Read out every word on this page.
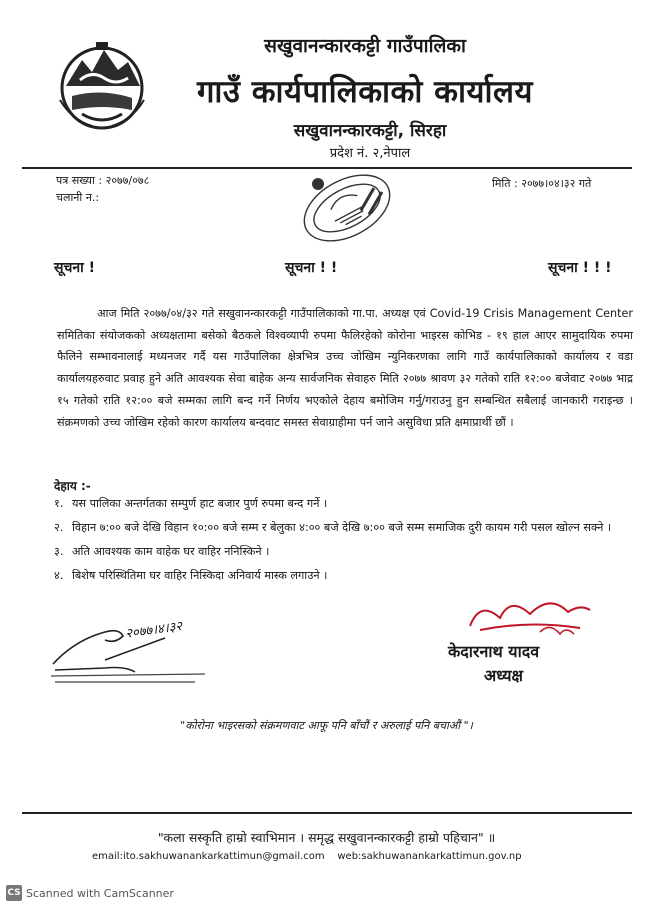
सखुवानन्कारकट्टी गाउँपालिका
गाउँ कार्यपालिकाको कार्यालय
सखुवानन्कारकट्टी, सिरहा
प्रदेश नं. २,नेपाल
पत्र सख्या : २०७७/०७८
चलानी न.:
मिति : २०७७।०४।३२ गते
सूचना !	सूचना ! !	सूचना ! ! !

आज मिति २०७७/०४/३२ गते सखुवानन्कारकट्टी गाउँपालिकाको गा.पा. अध्यक्ष एवं Covid-19 Crisis Management Center समितिका संयोजकको अध्यक्षतामा बसेको बैठकले विश्वव्यापी रुपमा फैलिरहेको कोरोना भाइरस कोभिड - १९ हाल आएर सामुदायिक रुपमा फैलिने सम्भावनालाई मध्यनजर गर्दै यस गाउँपालिका क्षेत्रभित्र उच्च जोखिम न्युनिकरणका लागि गाउँ कार्यपालिकाको कार्यालय र वडा कार्यालयहरुवाट प्रवाह हुने अति आवश्यक सेवा बाहेक अन्य सार्वजनिक सेवाहरु मिति २०७७ श्रावण ३२ गतेको राति १२:०० बजेवाट २०७७ भाद्र १५ गतेको राति १२:०० बजे सम्मका लागि बन्द गर्ने निर्णय भएकोले देहाय बमोजिम गर्नु/गराउनु हुन सम्बन्धित सबैलाई जानकारी गराइन्छ । संक्रमणको उच्च जोखिम रहेको कारण कार्यालय बन्दवाट समस्त सेवाग्राहीमा पर्न जाने असुविधा प्रति क्षमाप्रार्थी छौं ।

देहाय :-
१. यस पालिका अन्तर्गतका सम्पुर्ण हाट बजार पुर्ण रुपमा बन्द गर्ने ।
२. विहान ७:०० बजे देखि विहान १०:०० बजे सम्म र बेलुका ४:०० बजे देखि ७:०० बजे सम्म समाजिक दुरी कायम गरी पसल खोल्न सक्ने ।
३. अति आवश्यक काम वाहेक घर वाहिर ननिस्किने ।
४. बिशेष परिस्थितिमा घर वाहिर निस्किदा अनिवार्य मास्क लगाउने ।
२०७७।४।३२
केदारनाथ यादव
अध्यक्ष
"कोरोना भाइरसको संक्रमणवाट आफू पनि बाँचौं र अरुलाई पनि बचाऔं "।
"कला सस्कृति हाम्रो स्वाभिमान । समृद्ध सखुवानन्कारकट्टी हाम्रो पहिचान" ॥
email:ito.sakhuwanankarkattimun@gmail.com web:sakhuwanankarkattimun.gov.np
CS Scanned with CamScanner
